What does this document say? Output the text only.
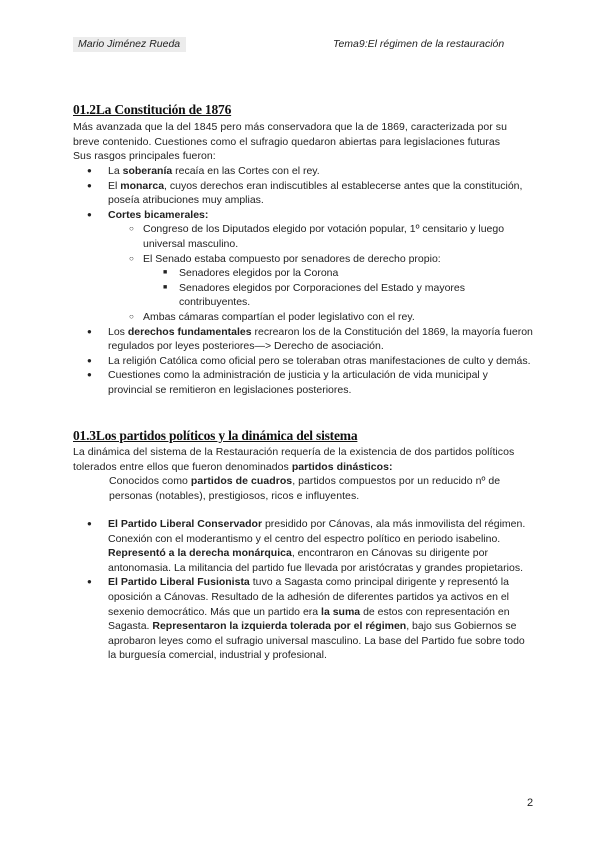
Mario Jiménez Rueda	Tema9:El régimen de la restauración
01.2La Constitución de 1876

Más avanzada que la del 1845 pero más conservadora que la de 1869, caracterizada por su breve contenido. Cuestiones como el sufragio quedaron abiertas para legislaciones futuras
Sus rasgos principales fueron:

● La soberanía recaía en las Cortes con el rey.
● El monarca, cuyos derechos eran indiscutibles al establecerse antes que la constitución, poseía atribuciones muy amplias.
● Cortes bicamerales:
○ Congreso de los Diputados elegido por votación popular, 1º censitario y luego universal masculino.
○ El Senado estaba compuesto por senadores de derecho propio:
■ Senadores elegidos por la Corona
■ Senadores elegidos por Corporaciones del Estado y mayores contribuyentes.
○ Ambas cámaras compartían el poder legislativo con el rey.
● Los derechos fundamentales recrearon los de la Constitución del 1869, la mayoría fueron regulados por leyes posteriores—> Derecho de asociación.
● La religión Católica como oficial pero se toleraban otras manifestaciones de culto y demás.
● Cuestiones como la administración de justicia y la articulación de vida municipal y provincial se remitieron en legislaciones posteriores.
01.3Los partidos políticos y la dinámica del sistema

La dinámica del sistema de la Restauración requería de la existencia de dos partidos políticos tolerados entre ellos que fueron denominados partidos dinásticos:

Conocidos como partidos de cuadros, partidos compuestos por un reducido nº de personas (notables), prestigiosos, ricos e influyentes.

● El Partido Liberal Conservador presidido por Cánovas, ala más inmovilista del régimen. Conexión con el moderantismo y el centro del espectro político en periodo isabelino. Representó a la derecha monárquica, encontraron en Cánovas su dirigente por antonomasia. La militancia del partido fue llevada por aristócratas y grandes propietarios.
● El Partido Liberal Fusionista tuvo a Sagasta como principal dirigente y representó la oposición a Cánovas. Resultado de la adhesión de diferentes partidos ya activos en el sexenio democrático. Más que un partido era la suma de estos con representación en Sagasta. Representaron la izquierda tolerada por el régimen, bajo sus Gobiernos se aprobaron leyes como el sufragio universal masculino. La base del Partido fue sobre todo la burguesía comercial, industrial y profesional.
2
